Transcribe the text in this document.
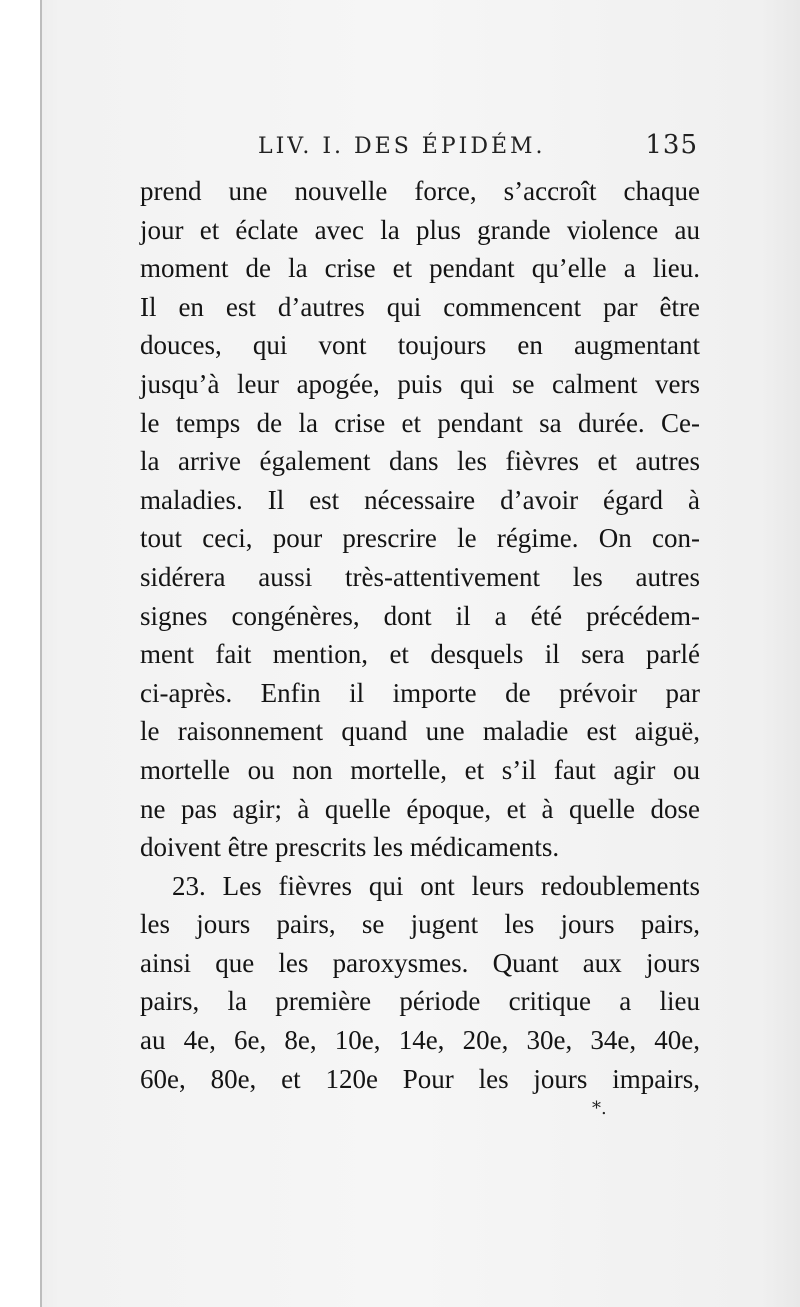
LIV. I. DES ÉPIDÉM.	135
prend une nouvelle force, s’accroît chaque
jour et éclate avec la plus grande violence au
moment de la crise et pendant qu’elle a lieu.
Il en est d’autres qui commencent par être
douces, qui vont toujours en augmentant
jusqu’à leur apogée, puis qui se calment vers
le temps de la crise et pendant sa durée. Ce-
la arrive également dans les fièvres et autres
maladies. Il est nécessaire d’avoir égard à
tout ceci, pour prescrire le régime. On con-
sidérera aussi très-attentivement les autres
signes congénères, dont il a été précédem-
ment fait mention, et desquels il sera parlé
ci-après. Enfin il importe de prévoir par
le raisonnement quand une maladie est aiguë,
mortelle ou non mortelle, et s’il faut agir ou
ne pas agir; à quelle époque, et à quelle dose
doivent être prescrits les médicaments.
23. Les fièvres qui ont leurs redoublements
les jours pairs, se jugent les jours pairs,
ainsi que les paroxysmes. Quant aux jours
pairs, la première période critique a lieu
au 4e, 6e, 8e, 10e, 14e, 20e, 30e, 34e, 40e,
60e, 80e, et 120e Pour les jours impairs,
*.
